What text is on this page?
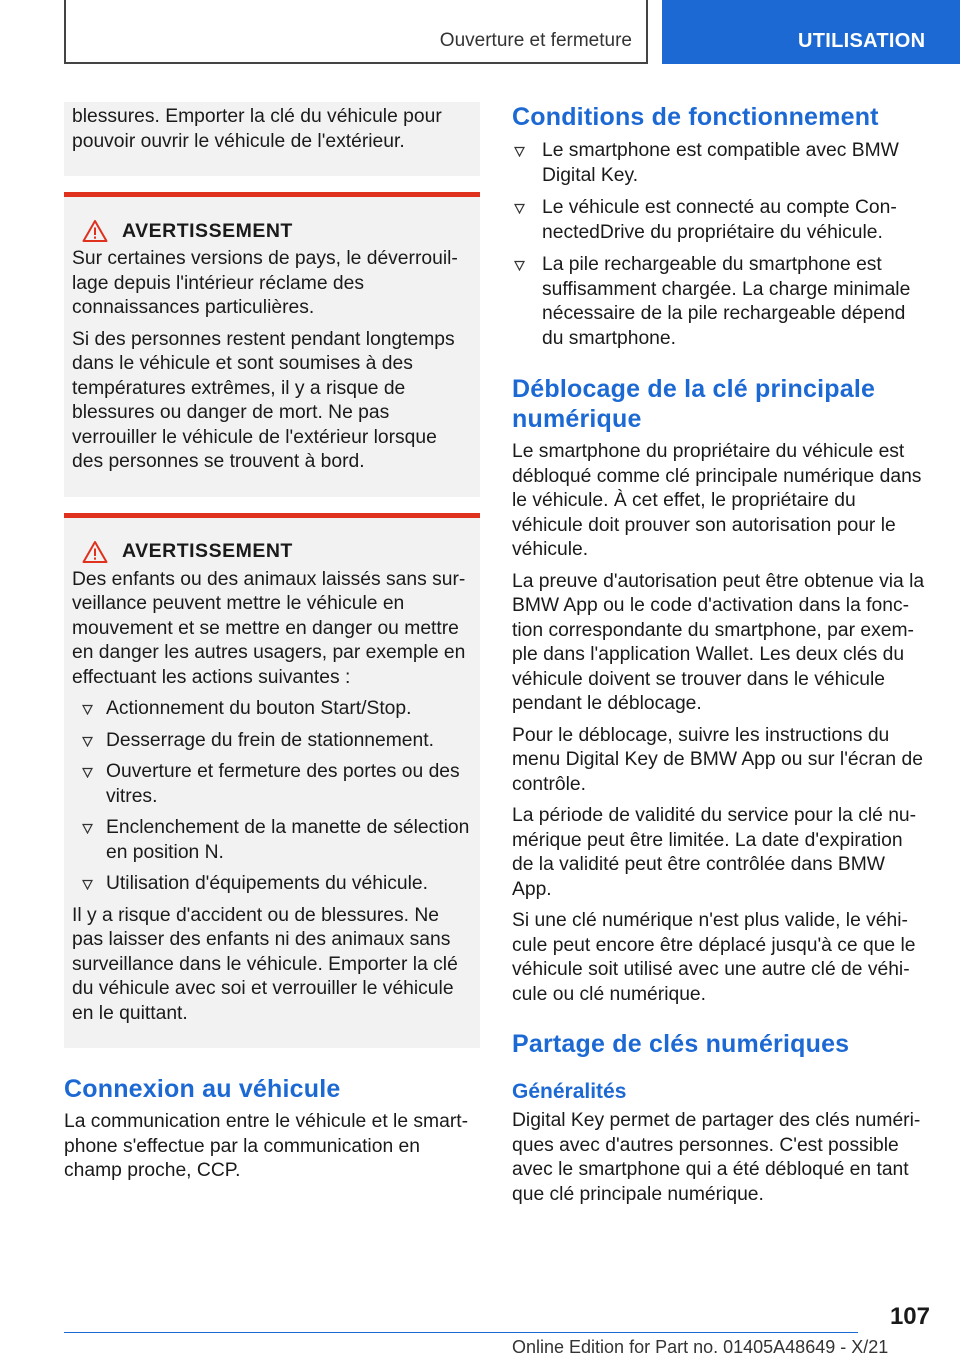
Ouverture et fermeture	UTILISATION

blessures. Emporter la clé du véhicule pour pouvoir ouvrir le véhicule de l'extérieur.

AVERTISSEMENT

Sur certaines versions de pays, le déverrouillage depuis l'intérieur réclame des connaissances particulières.

Si des personnes restent pendant longtemps dans le véhicule et sont soumises à des températures extrêmes, il y a risque de blessures ou danger de mort. Ne pas verrouiller le véhicule de l'extérieur lorsque des personnes se trouvent à bord.

AVERTISSEMENT

Des enfants ou des animaux laissés sans surveillance peuvent mettre le véhicule en mouvement et se mettre en danger ou mettre en danger les autres usagers, par exemple en effectuant les actions suivantes :

Actionnement du bouton Start/Stop.
Desserrage du frein de stationnement.
Ouverture et fermeture des portes ou des vitres.
Enclenchement de la manette de sélection en position N.
Utilisation d'équipements du véhicule.

Il y a risque d'accident ou de blessures. Ne pas laisser des enfants ni des animaux sans surveillance dans le véhicule. Emporter la clé du véhicule avec soi et verrouiller le véhicule en le quittant.

Connexion au véhicule

La communication entre le véhicule et le smartphone s'effectue par la communication en champ proche, CCP.

Conditions de fonctionnement
Le smartphone est compatible avec BMW Digital Key.
Le véhicule est connecté au compte ConnectedDrive du propriétaire du véhicule.
La pile rechargeable du smartphone est suffisamment chargée. La charge minimale nécessaire de la pile rechargeable dépend du smartphone.
Déblocage de la clé principale numérique

Le smartphone du propriétaire du véhicule est débloqué comme clé principale numérique dans le véhicule. À cet effet, le propriétaire du véhicule doit prouver son autorisation pour le véhicule.

La preuve d'autorisation peut être obtenue via la BMW App ou le code d'activation dans la fonction correspondante du smartphone, par exemple dans l'application Wallet. Les deux clés du véhicule doivent se trouver dans le véhicule pendant le déblocage.

Pour le déblocage, suivre les instructions du menu Digital Key de BMW App ou sur l'écran de contrôle.

La période de validité du service pour la clé numérique peut être limitée. La date d'expiration de la validité peut être contrôlée dans BMW App.

Si une clé numérique n'est plus valide, le véhicule peut encore être déplacé jusqu'à ce que le véhicule soit utilisé avec une autre clé de véhicule ou clé numérique.

Partage de clés numériques
Généralités

Digital Key permet de partager des clés numériques avec d'autres personnes. C'est possible avec le smartphone qui a été débloqué en tant que clé principale numérique.

107
Online Edition for Part no. 01405A48649 - X/21
